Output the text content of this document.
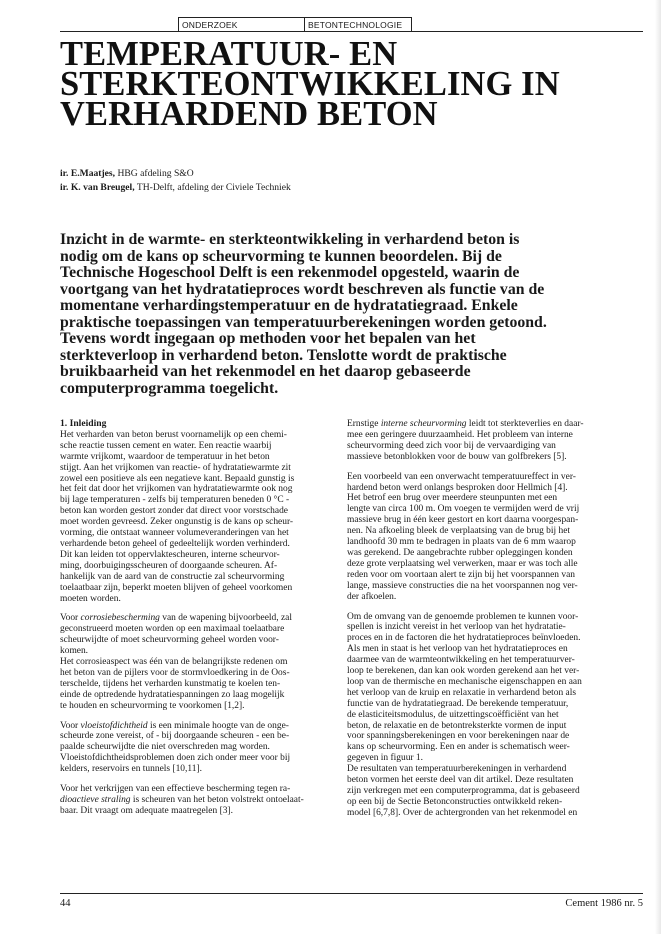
ONDERZOEK	BETONTECHNOLOGIE
TEMPERATUUR- EN
STERKTEONTWIKKELING IN
VERHARDEND BETON
ir. E.Maatjes, HBG afdeling S&O
ir. K. van Breugel, TH-Delft, afdeling der Civiele Techniek
Inzicht in de warmte- en sterkteontwikkeling in verhardend beton is
nodig om de kans op scheurvorming te kunnen beoordelen. Bij de
Technische Hogeschool Delft is een rekenmodel opgesteld, waarin de
voortgang van het hydratatieproces wordt beschreven als functie van de
momentane verhardingstemperatuur en de hydratatiegraad. Enkele
praktische toepassingen van temperatuurberekeningen worden getoond.
Tevens wordt ingegaan op methoden voor het bepalen van het
sterkteverloop in verhardend beton. Tenslotte wordt de praktische
bruikbaarheid van het rekenmodel en het daarop gebaseerde
computerprogramma toegelicht.
1. Inleiding

Het verharden van beton berust voornamelijk op een chemi-
sche reactie tussen cement en water. Een reactie waarbij
warmte vrijkomt, waardoor de temperatuur in het beton
stijgt. Aan het vrijkomen van reactie- of hydratatiewarmte zit
zowel een positieve als een negatieve kant. Bepaald gunstig is
het feit dat door het vrijkomen van hydratatiewarmte ook nog
bij lage temperaturen - zelfs bij temperaturen beneden 0 °C -
beton kan worden gestort zonder dat direct voor vorstschade
moet worden gevreesd. Zeker ongunstig is de kans op scheur-
vorming, die ontstaat wanneer volumeveranderingen van het
verhardende beton geheel of gedeeltelijk worden verhinderd.
Dit kan leiden tot oppervlaktescheuren, interne scheurvor-
ming, doorbuigingsscheuren of doorgaande scheuren. Af-
hankelijk van de aard van de constructie zal scheurvorming
toelaatbaar zijn, beperkt moeten blijven of geheel voorkomen
moeten worden.

Voor corrosiebescherming van de wapening bijvoorbeeld, zal
geconstrueerd moeten worden op een maximaal toelaatbare
scheurwijdte of moet scheurvorming geheel worden voor-
komen.
Het corrosieaspect was één van de belangrijkste redenen om
het beton van de pijlers voor de stormvloedkering in de Oos-
terschelde, tijdens het verharden kunstmatig te koelen ten-
einde de optredende hydratatiespanningen zo laag mogelijk
te houden en scheurvorming te voorkomen [1,2].

Voor vloeistofdichtheid is een minimale hoogte van de onge-
scheurde zone vereist, of - bij doorgaande scheuren - een be-
paalde scheurwijdte die niet overschreden mag worden.
Vloeistofdichtheidsproblemen doen zich onder meer voor bij
kelders, reservoirs en tunnels [10,11].

Voor het verkrijgen van een effectieve bescherming tegen ra-
dioactieve straling is scheuren van het beton volstrekt ontoelaat-
baar. Dit vraagt om adequate maatregelen [3].

Ernstige interne scheurvorming leidt tot sterkteverlies en daar-
mee een geringere duurzaamheid. Het probleem van interne
scheurvorming deed zich voor bij de vervaardiging van
massieve betonblokken voor de bouw van golfbrekers [5].

Een voorbeeld van een onverwacht temperatuureffect in ver-
hardend beton werd onlangs besproken door Hellmich [4].
Het betrof een brug over meerdere steunpunten met een
lengte van circa 100 m. Om voegen te vermijden werd de vrij
massieve brug in één keer gestort en kort daarna voorgespan-
nen. Na afkoeling bleek de verplaatsing van de brug bij het
landhoofd 30 mm te bedragen in plaats van de 6 mm waarop
was gerekend. De aangebrachte rubber opleggingen konden
deze grote verplaatsing wel verwerken, maar er was toch alle
reden voor om voortaan alert te zijn bij het voorspannen van
lange, massieve constructies die na het voorspannen nog ver-
der afkoelen.

Om de omvang van de genoemde problemen te kunnen voor-
spellen is inzicht vereist in het verloop van het hydratatie-
proces en in de factoren die het hydratatieproces beïnvloeden.
Als men in staat is het verloop van het hydratatieproces en
daarmee van de warmteontwikkeling en het temperatuurver-
loop te berekenen, dan kan ook worden gerekend aan het ver-
loop van de thermische en mechanische eigenschappen en aan
het verloop van de kruip en relaxatie in verhardend beton als
functie van de hydratatiegraad. De berekende temperatuur,
de elasticiteitsmodulus, de uitzettingscoëfficiënt van het
beton, de relaxatie en de betontreksterkte vormen de input
voor spanningsberekeningen en voor berekeningen naar de
kans op scheurvorming. Een en ander is schematisch weer-
gegeven in figuur 1.
De resultaten van temperatuurberekeningen in verhardend
beton vormen het eerste deel van dit artikel. Deze resultaten
zijn verkregen met een computerprogramma, dat is gebaseerd
op een bij de Sectie Betonconstructies ontwikkeld reken-
model [6,7,8]. Over de achtergronden van het rekenmodel en

44	Cement 1986 nr. 5
